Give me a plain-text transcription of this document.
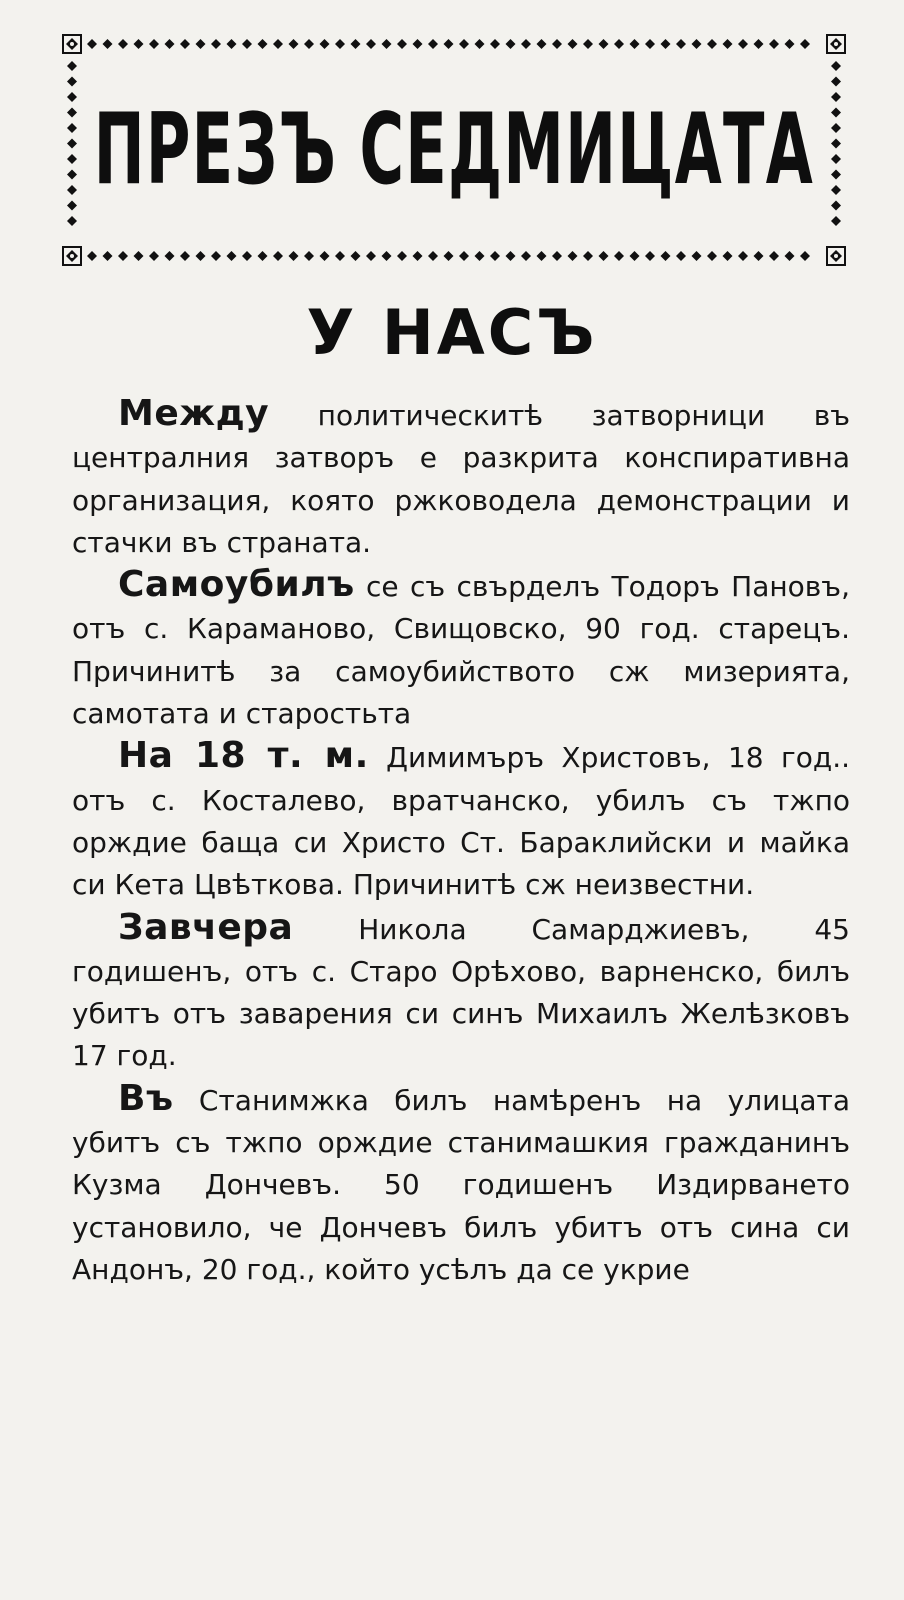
ПРЕЗЪ СЕДМИЦАТА
У НАСЪ

Между политическитѣ затворници въ централния затворъ е разкрита конспиративна организация, която ржководела демонстрации и стачки въ страната.

Самоубилъ се съ свърделъ Тодоръ Пановъ, отъ с. Караманово, Свищовско, 90 год. старецъ. Причинитѣ за самоубийството сж мизерията, самотата и старостьта

На 18 т. м. Димимъръ Христовъ, 18 год.. отъ с. Косталево, вратчанско, убилъ съ тжпо орждие баща си Христо Ст. Бараклийски и майка си Кета Цвѣткова. Причинитѣ сж неизвестни.

Завчера Никола Самарджиевъ, 45 годишенъ, отъ с. Старо Орѣхово, варненско, билъ убитъ отъ заварения си синъ Михаилъ Желѣзковъ 17 год.

Въ Станимжка билъ намѣренъ на улицата убитъ съ тжпо орждие станимашкия гражданинъ Кузма Дончевъ. 50 годишенъ Издирването установило, че Дончевъ билъ убитъ отъ сина си Андонъ, 20 год., който усѣлъ да се укрие
